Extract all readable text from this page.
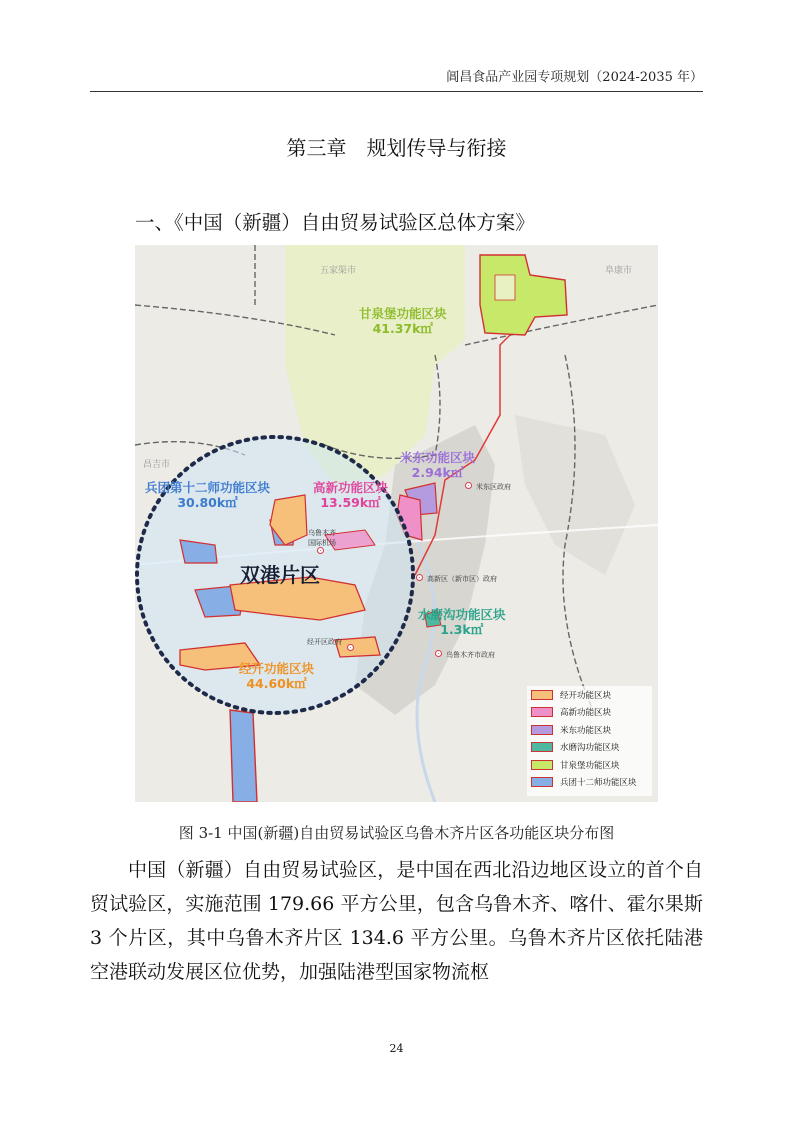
阊昌食品产业园专项规划（2024-2035 年）
第三章　规划传导与衔接
一、《中国（新疆）自由贸易试验区总体方案》
五家渠市	阜康市
昌吉市
甘泉堡功能区块
41.37k㎡
米东功能区块
2.94k㎡
兵团第十二师功能区块
30.80k㎡
高新功能区块
13.59k㎡
水磨沟功能区块
1.3k㎡
经开功能区块
44.60k㎡
双港片区
乌鲁木齐国际机场
米东区政府
高新区（新市区）政府
经开区政府
乌鲁木齐市政府
经开功能区块
高新功能区块
米东功能区块
水磨沟功能区块
甘泉堡功能区块
兵团十二师功能区块
图 3-1 中国(新疆)自由贸易试验区乌鲁木齐片区各功能区块分布图

中国（新疆）自由贸易试验区，是中国在西北沿边地区设立的首个自贸试验区，实施范围 179.66 平方公里，包含乌鲁木齐、喀什、霍尔果斯 3 个片区，其中乌鲁木齐片区 134.6 平方公里。乌鲁木齐片区依托陆港空港联动发展区位优势，加强陆港型国家物流枢

24
